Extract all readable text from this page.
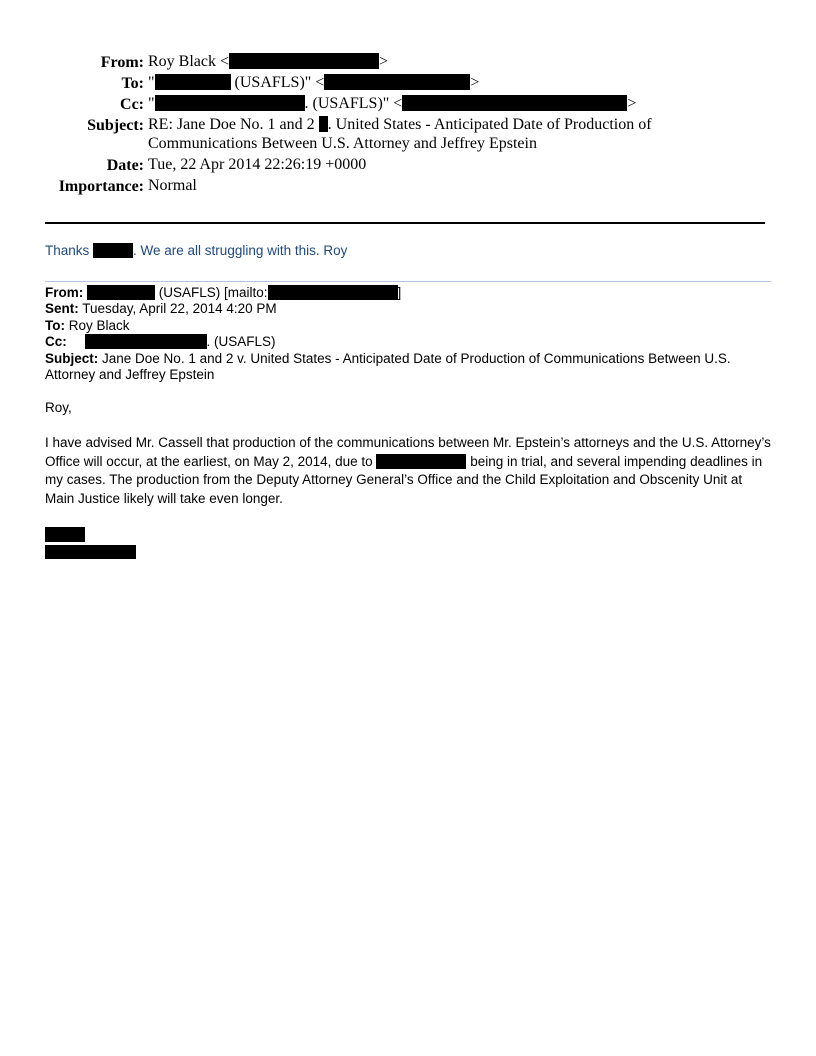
From: Roy Black <	>
To: "	(USAFLS)" <	>
Cc: "	. (USAFLS)" <	>
Subject: RE: Jane Doe No. 1 and 2 . United States - Anticipated Date of Production of Communications Between U.S. Attorney and Jeffrey Epstein
Date: Tue, 22 Apr 2014 22:26:19 +0000
Importance: Normal
Thanks	. We are all struggling with this. Roy
From:	(USAFLS) [mailto:	]
Sent: Tuesday, April 22, 2014 4:20 PM
To: Roy Black
Cc:	. (USAFLS)
Subject: Jane Doe No. 1 and 2 v. United States - Anticipated Date of Production of Communications Between U.S. Attorney and Jeffrey Epstein
Roy,
I have advised Mr. Cassell that production of the communications between Mr. Epstein’s attorneys and the U.S. Attorney’s Office will occur, at the earliest, on May 2, 2014, due to	being in trial, and several impending deadlines in my cases. The production from the Deputy Attorney General’s Office and the Child Exploitation and Obscenity Unit at Main Justice likely will take even longer.
